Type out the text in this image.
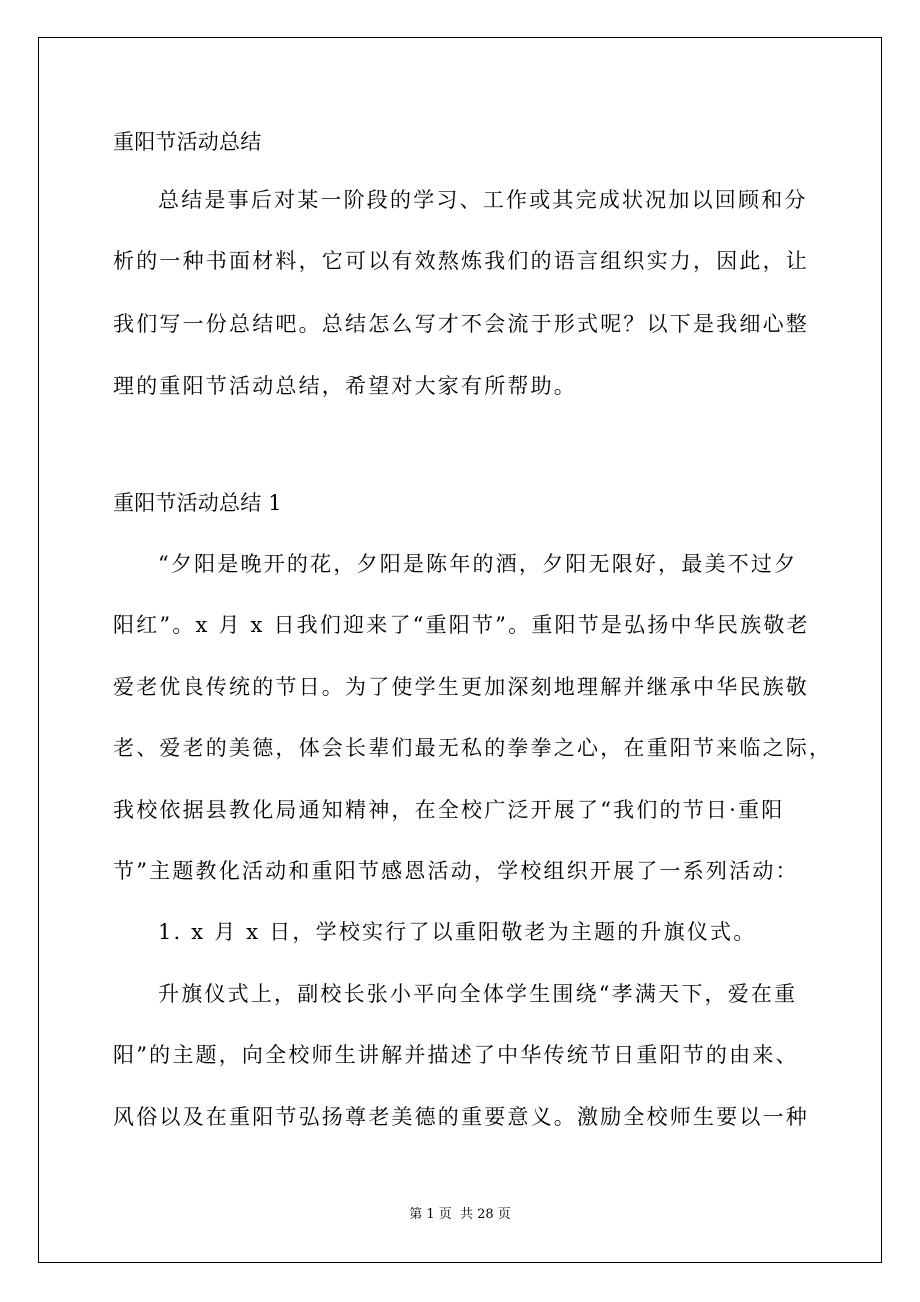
重阳节活动总结
总结是事后对某一阶段的学习、工作或其完成状况加以回顾和分
析的一种书面材料，它可以有效熬炼我们的语言组织实力，因此，让
我们写一份总结吧。总结怎么写才不会流于形式呢？以下是我细心整
理的重阳节活动总结，希望对大家有所帮助。
重阳节活动总结 1
“夕阳是晚开的花，夕阳是陈年的酒，夕阳无限好，最美不过夕
阳红”。x 月 x 日我们迎来了“重阳节”。重阳节是弘扬中华民族敬老
爱老优良传统的节日。为了使学生更加深刻地理解并继承中华民族敬
老、爱老的美德，体会长辈们最无私的拳拳之心，在重阳节来临之际，
我校依据县教化局通知精神，在全校广泛开展了“我们的节日·重阳
节”主题教化活动和重阳节感恩活动，学校组织开展了一系列活动：
1. x 月 x 日，学校实行了以重阳敬老为主题的升旗仪式。
升旗仪式上，副校长张小平向全体学生围绕“孝满天下，爱在重
阳”的主题，向全校师生讲解并描述了中华传统节日重阳节的由来、
风俗以及在重阳节弘扬尊老美德的重要意义。激励全校师生要以一种
第 1 页 共 28 页
